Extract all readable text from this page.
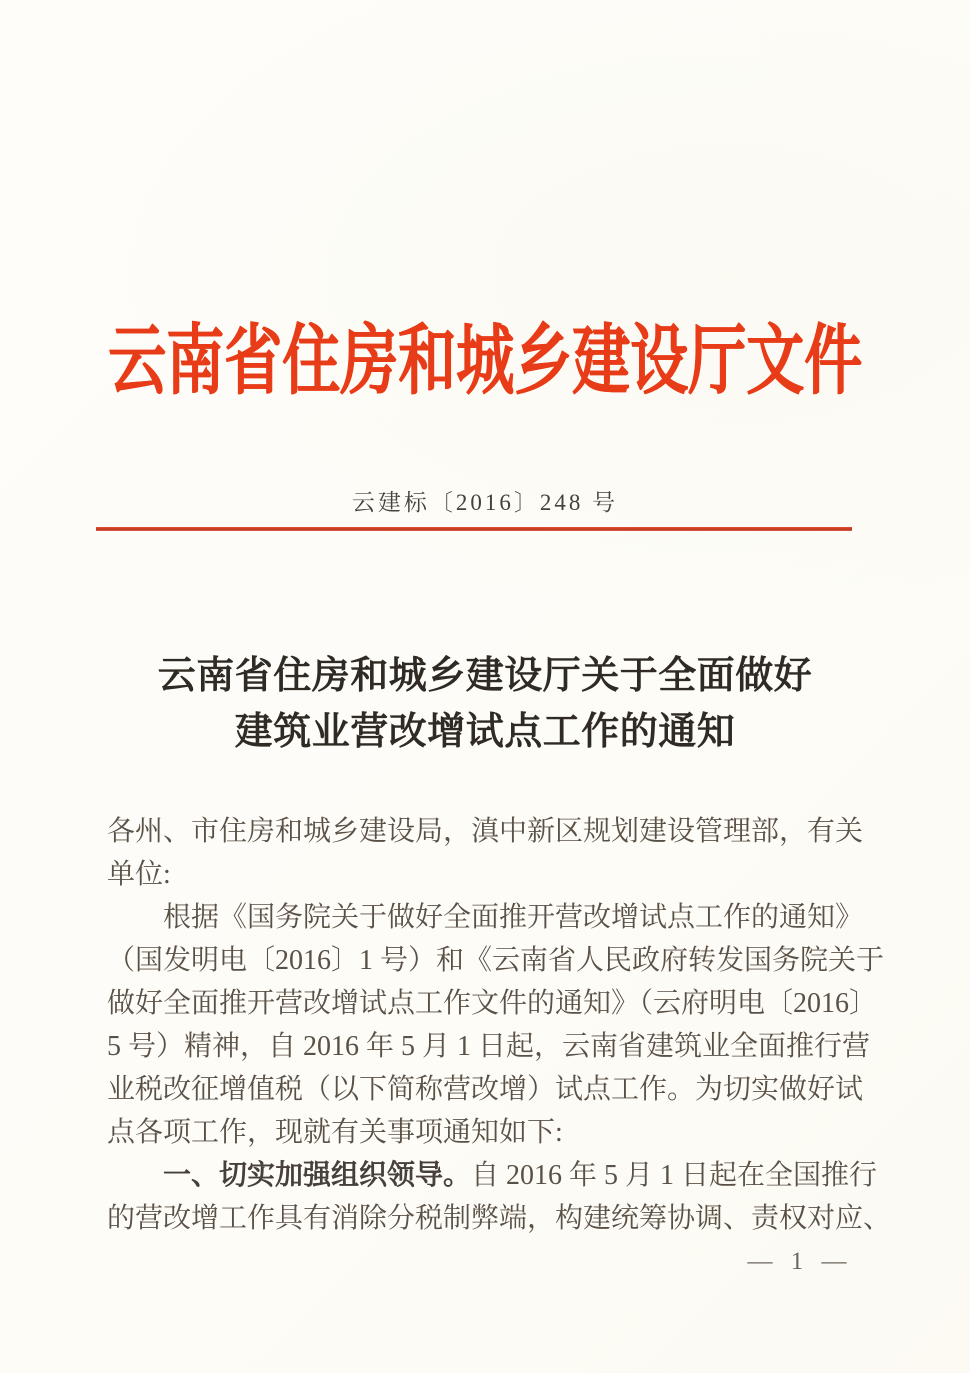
云南省住房和城乡建设厅文件
云建标〔2016〕248 号
云南省住房和城乡建设厅关于全面做好
建筑业营改增试点工作的通知
各州、市住房和城乡建设局，滇中新区规划建设管理部，有关
单位:
根据《国务院关于做好全面推开营改增试点工作的通知》
（国发明电〔2016〕1 号）和《云南省人民政府转发国务院关于
做好全面推开营改增试点工作文件的通知》（云府明电〔2016〕
5 号）精神，自 2016 年 5 月 1 日起，云南省建筑业全面推行营
业税改征增值税（以下简称营改增）试点工作。为切实做好试
点各项工作，现就有关事项通知如下:
一、切实加强组织领导。自 2016 年 5 月 1 日起在全国推行
的营改增工作具有消除分税制弊端，构建统筹协调、责权对应、
— 1 —
